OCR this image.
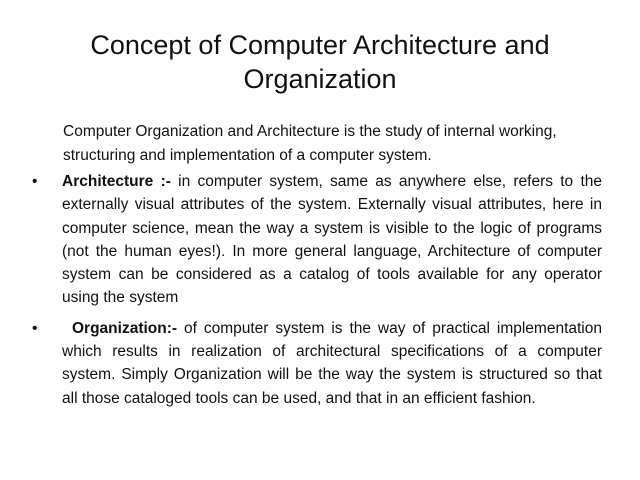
Concept of Computer Architecture and Organization

Computer Organization and Architecture is the study of internal working, structuring and implementation of a computer system.

• Architecture :- in computer system, same as anywhere else, refers to the externally visual attributes of the system. Externally visual attributes, here in computer science, mean the way a system is visible to the logic of programs (not the human eyes!). In more general language, Architecture of computer system can be considered as a catalog of tools available for any operator using the system
• Organization:- of computer system is the way of practical implementation which results in realization of architectural specifications of a computer system. Simply Organization will be the way the system is structured so that all those cataloged tools can be used, and that in an efficient fashion.
